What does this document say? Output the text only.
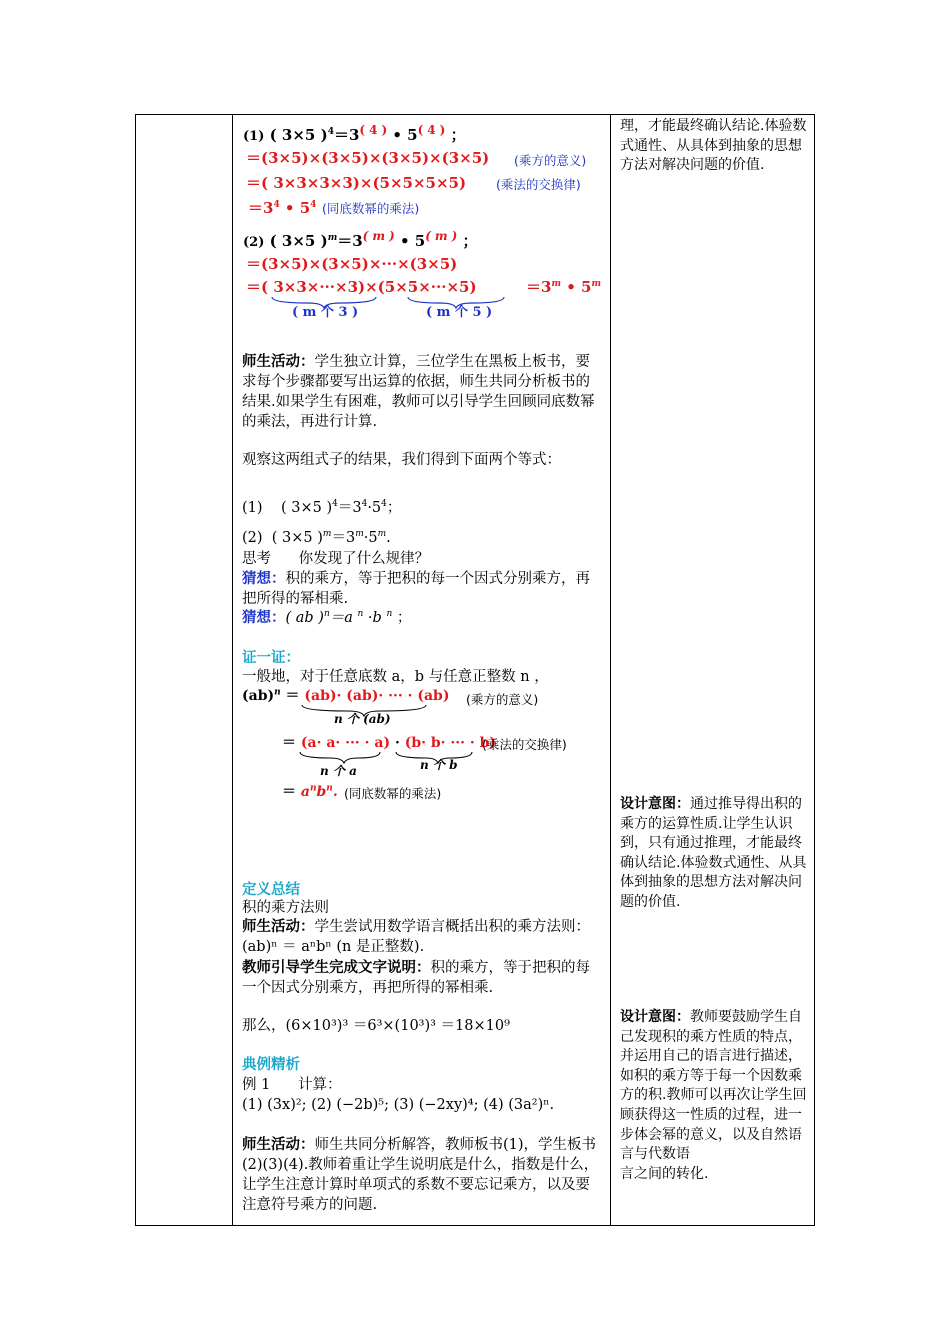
(1) ( 3×5 )$^4=3^{( 4 )}$ • $5^{( 4 )}$ ；
＝(3×5)×(3×5)×(3×5)×(3×5) (乘方的意义)
＝( 3×3×3×3)×(5×5×5×5) (乘法的交换律)
$=3^4$ • $5^4$ (同底数幂的乘法)
(2) ( 3×5 )$^m=3^{( m )}$ • $5^{( m )}$ ；
＝(3×5)×(3×5)×···×(3×5)
＝( 3×3×···×3)×(5×5×···×5)	$=3^m$ • 5$^m$
( m 个 3 )	( m 个 5 )
师生活动：学生独立计算，三位学生在黑板上板书，要求每个步骤都要写出运算的依据，师生共同分析板书的结果.如果学生有困难，教师可以引导学生回顾同底数幂的乘法，再进行计算.
观察这两组式子的结果，我们得到下面两个等式：
(1) ( 3×5 )$^4=3^4\cdot 5^4$；
(2) ( 3×5 )$^m=3^m\cdot 5^m$.
思考 你发现了什么规律？
猜想：积的乘方，等于把积的每一个因式分别乘方，再把所得的幂相乘.
猜想：( ab )$^n$＝a $^n$ ·b $^n$ ；
证一证：
一般地，对于任意底数 a，b 与任意正整数 n ，
(ab)$^n$ ＝ (ab)· (ab)· ··· · (ab) (乘方的意义)
n 个 (ab)
＝ (a· a· ··· · a) · (b· b· ··· · b)
(乘法的交换律)
n 个 a	n 个 b
＝ $a^nb^n$. (同底数幂的乘法)
定义总结
积的乘方法则
师生活动：学生尝试用数学语言概括出积的乘方法则：(ab)ⁿ ＝ aⁿbⁿ (n 是正整数).
教师引导学生完成文字说明：积的乘方，等于把积的每一个因式分别乘方，再把所得的幂相乘.
那么，(6×10³)³ ＝6³×(10³)³ ＝18×10⁹
典例精析
例 1 计算：
(1) (3x)²; (2) (−2b)⁵; (3) (−2xy)⁴; (4) (3a²)ⁿ.
师生活动：师生共同分析解答，教师板书(1)，学生板书(2)(3)(4).教师着重让学生说明底是什么，指数是什么，让学生注意计算时单项式的系数不要忘记乘方，以及要注意符号乘方的问题.
理，才能最终确认结论.体验数式通性、从具体到抽象的思想方法对解决问题的价值.
设计意图：通过推导得出积的乘方的运算性质.让学生认识到，只有通过推理，才能最终确认结论.体验数式通性、从具体到抽象的思想方法对解决问题的价值.
设计意图：教师要鼓励学生自己发现积的乘方性质的特点，并运用自己的语言进行描述，如积的乘方等于每一个因数乘方的积.教师可以再次让学生回顾获得这一性质的过程，进一步体会幂的意义，以及自然语言与代数语
言之间的转化.
